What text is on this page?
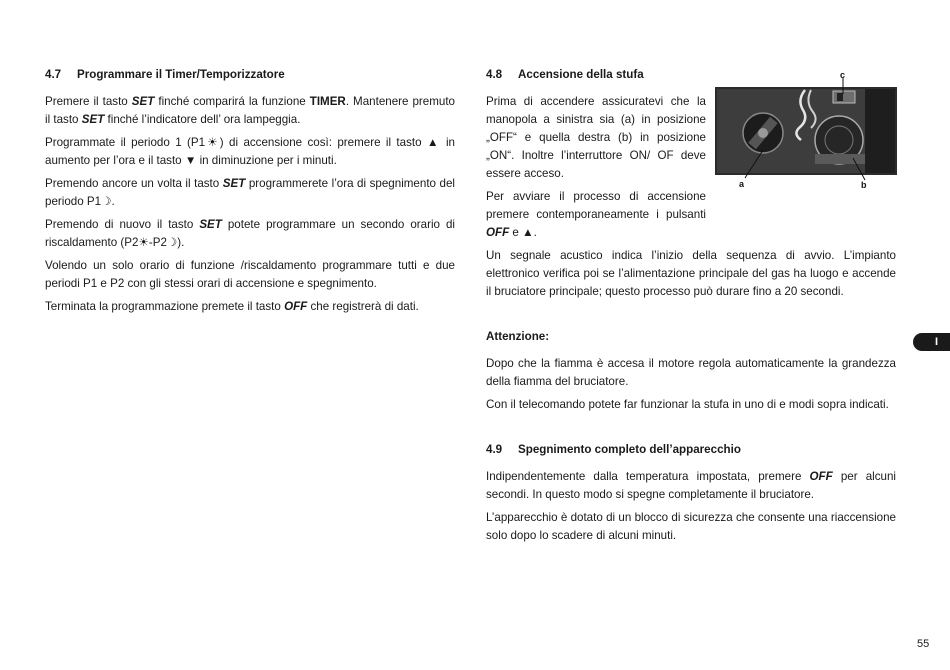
4.7 Programmare il Timer/Temporizzatore

Premere il tasto SET finché comparirá la funzione TIMER. Mantenere premuto il tasto SET finché l’indicatore dell’ ora lampeggia.

Programmate il periodo 1 (P1☀) di accensione così: premere il tasto ▲ in aumento per l’ora e il tasto ▼ in diminuzione per i minuti.

Premendo ancore un volta il tasto SET programmerete l’ora di spegnimento del periodo P1☽.

Premendo di nuovo il tasto SET potete programmare un secondo orario di riscaldamento (P2☀-P2☽).

Volendo un solo orario di funzione /riscaldamento programmare tutti e due periodi P1 e P2 con gli stessi orari di accensione e spegnimento.

Terminata la programmazione premete il tasto OFF che registrerà di dati.

4.8 Accensione della stufa

Prima di accendere assicuratevi che la manopola a sinistra sia (a) in posizione „OFF“ e quella destra (b) in posizione „ON“. Inoltre l’interruttore ON/ OF deve essere acceso.

Per avviare il processo di accensione premere contemporaneamente i pulsanti OFF e ▲.

Un segnale acustico indica l’inizio della sequenza di avvio. L’impianto elettronico verifica poi se l’alimentazione principale del gas ha luogo e accende il bruciatore principale; questo processo può durare fino a 20 secondi.

Attenzione:

Dopo che la fiamma è accesa il motore regola automaticamente la grandezza della fiamma del bruciatore.

Con il telecomando potete far funzionar la stufa in uno di e modi sopra indicati.

4.9 Spegnimento completo dell’apparecchio

Indipendentemente dalla temperatura impostata, premere OFF per alcuni secondi. In questo modo si spegne completamente il bruciatore.

L’apparecchio è dotato di un blocco di sicurezza che consente una riaccensione solo dopo lo scadere di alcuni minuti.

a	b
c
I
55
